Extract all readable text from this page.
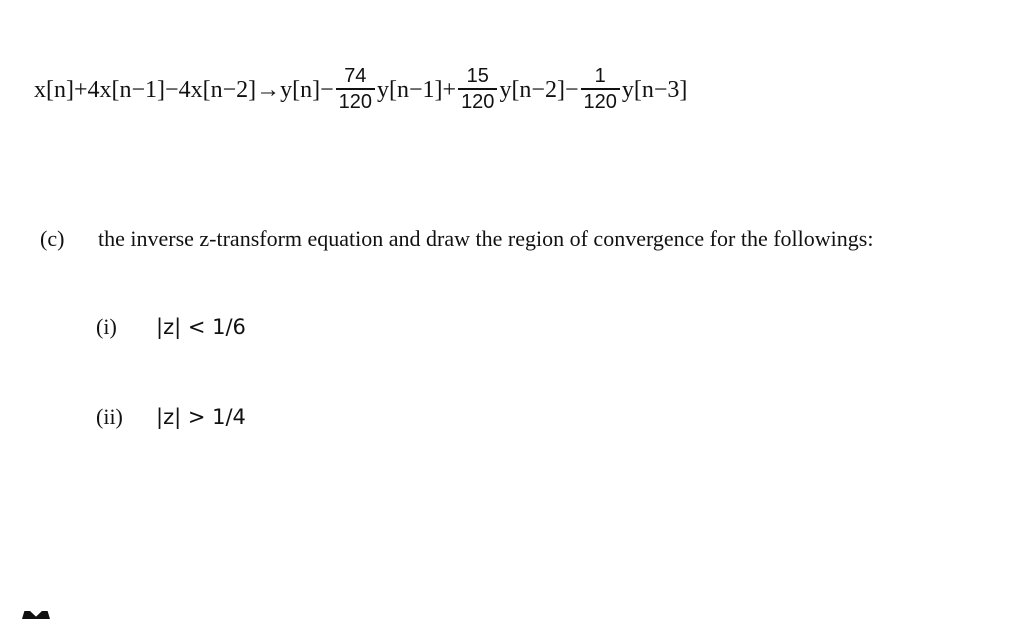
$x[n]+4x[n-1]-4x[n-2]\to y[n]- \frac{74}{120} y[n-1]+ \frac{15}{120} y[n-2]- \frac{1}{120} y[n-3]$
(c)	the inverse z-transform equation and draw the region of convergence for the followings:
(i)	|z| < 1/6
(ii)	|z| > 1/4
